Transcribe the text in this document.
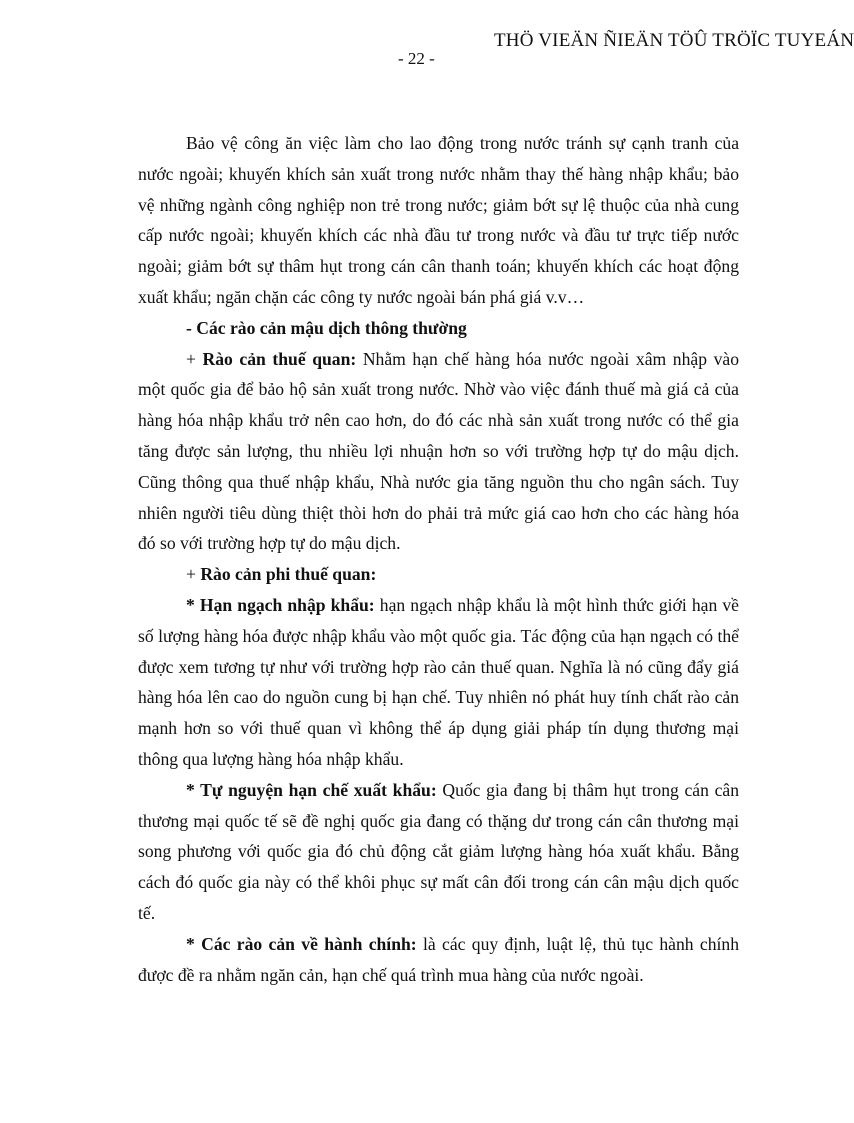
THÖ VIEÄN ÑIEÄN TÖÛ TRÖÏC TUYEÁN
- 22 -

Bảo vệ công ăn việc làm cho lao động trong nước tránh sự cạnh tranh của nước ngoài; khuyến khích sản xuất trong nước nhằm thay thế hàng nhập khẩu; bảo vệ những ngành công nghiệp non trẻ trong nước; giảm bớt sự lệ thuộc của nhà cung cấp nước ngoài; khuyến khích các nhà đầu tư trong nước và đầu tư trực tiếp nước ngoài; giảm bớt sự thâm hụt trong cán cân thanh toán; khuyến khích các hoạt động xuất khẩu; ngăn chặn các công ty nước ngoài bán phá giá v.v…

- Các rào cản mậu dịch thông thường

+ Rào cản thuế quan: Nhằm hạn chế hàng hóa nước ngoài xâm nhập vào một quốc gia để bảo hộ sản xuất trong nước. Nhờ vào việc đánh thuế mà giá cả của hàng hóa nhập khẩu trở nên cao hơn, do đó các nhà sản xuất trong nước có thể gia tăng được sản lượng, thu nhiều lợi nhuận hơn so với trường hợp tự do mậu dịch. Cũng thông qua thuế nhập khẩu, Nhà nước gia tăng nguồn thu cho ngân sách. Tuy nhiên người tiêu dùng thiệt thòi hơn do phải trả mức giá cao hơn cho các hàng hóa đó so với trường hợp tự do mậu dịch.

+ Rào cản phi thuế quan:

* Hạn ngạch nhập khẩu: hạn ngạch nhập khẩu là một hình thức giới hạn về số lượng hàng hóa được nhập khẩu vào một quốc gia. Tác động của hạn ngạch có thể được xem tương tự như với trường hợp rào cản thuế quan. Nghĩa là nó cũng đẩy giá hàng hóa lên cao do nguồn cung bị hạn chế. Tuy nhiên nó phát huy tính chất rào cản mạnh hơn so với thuế quan vì không thể áp dụng giải pháp tín dụng thương mại thông qua lượng hàng hóa nhập khẩu.

* Tự nguyện hạn chế xuất khẩu: Quốc gia đang bị thâm hụt trong cán cân thương mại quốc tế sẽ đề nghị quốc gia đang có thặng dư trong cán cân thương mại song phương với quốc gia đó chủ động cắt giảm lượng hàng hóa xuất khẩu. Bằng cách đó quốc gia này có thể khôi phục sự mất cân đối trong cán cân mậu dịch quốc tế.

* Các rào cản về hành chính: là các quy định, luật lệ, thủ tục hành chính được đề ra nhằm ngăn cản, hạn chế quá trình mua hàng của nước ngoài.
